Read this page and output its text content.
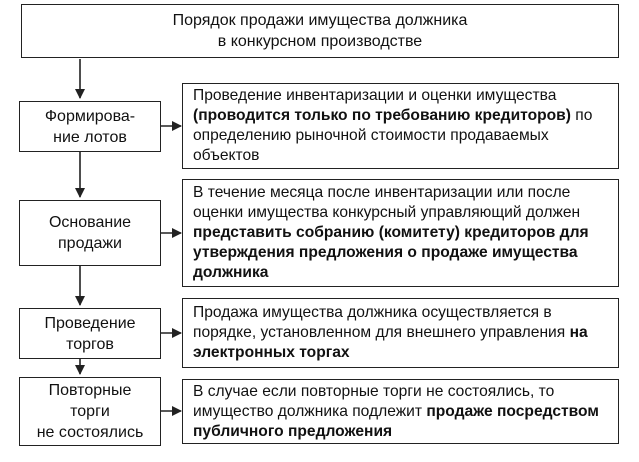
Порядок продажи имущества должника
в конкурсном производстве
Формирова-
ние лотов

Проведение инвентаризации и оценки имущества (проводится только по требованию кредиторов) по определению рыночной стоимости продаваемых объектов

Основание
продажи

В течение месяца после инвентаризации или после оценки имущества конкурсный управляющий должен представить собранию (комитету) кредиторов для утверждения предложения о продаже имущества должника

Проведение
торгов

Продажа имущества должника осуществляется в порядке, установленном для внешнего управления на электронных торгах

Повторные
торги
не состоялись

В случае если повторные торги не состоялись, то имущество должника подлежит продаже посредством публичного предложения
